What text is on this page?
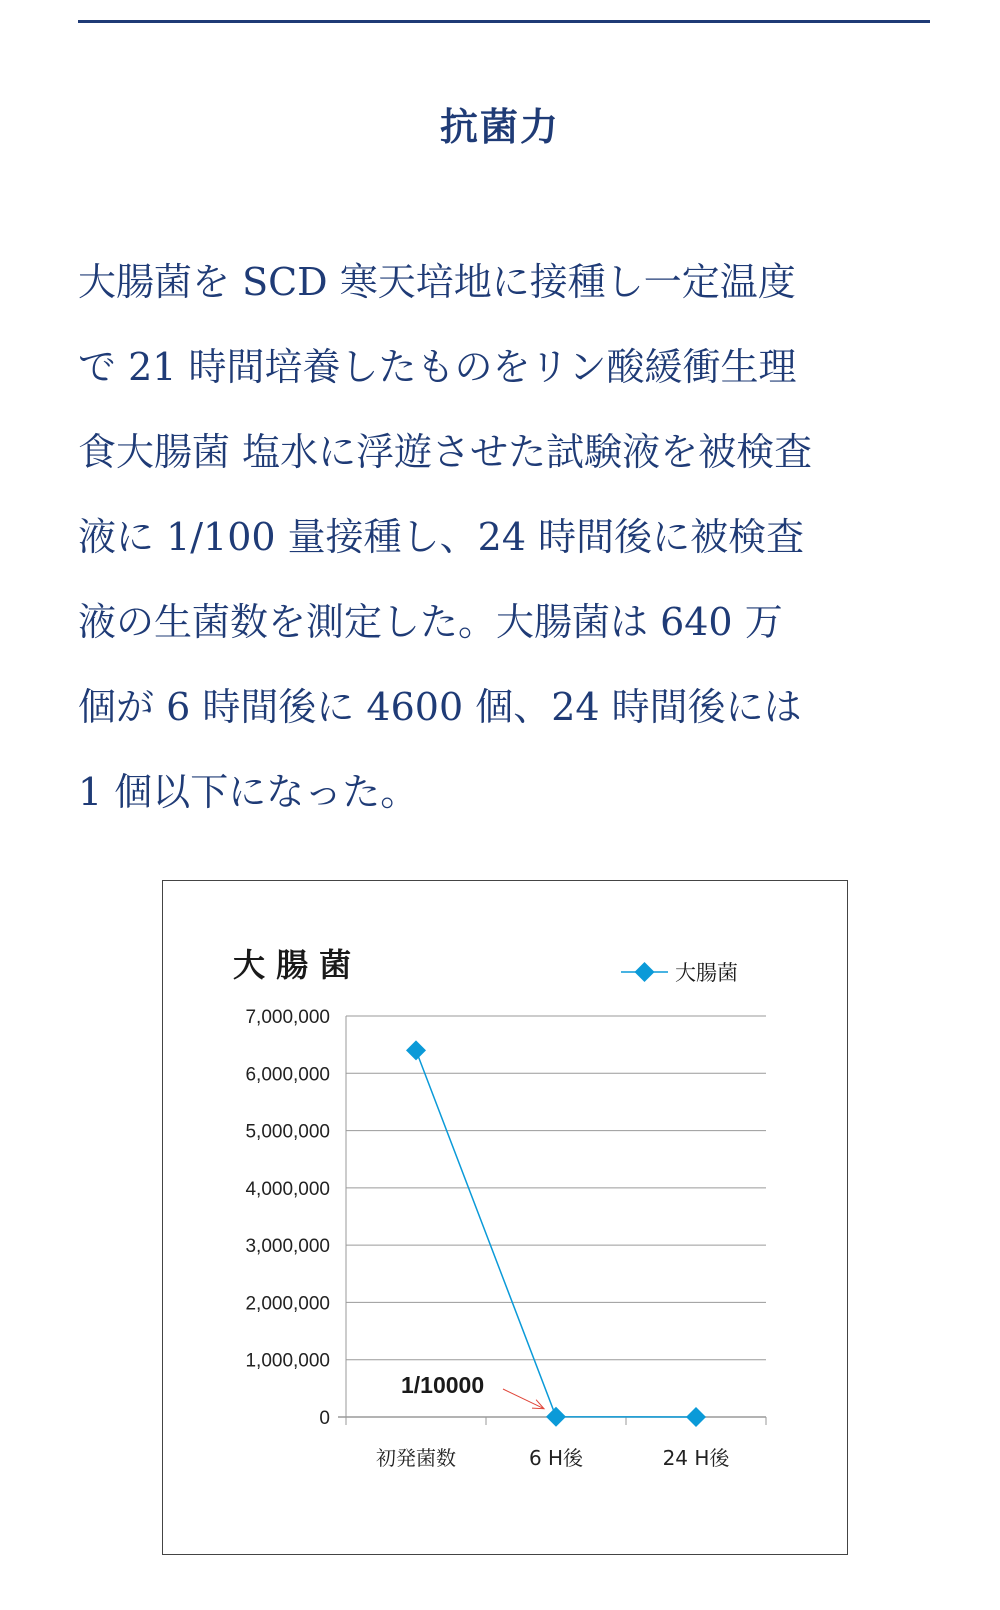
抗菌力
大腸菌を SCD 寒天培地に接種し一定温度
で 21 時間培養したものをリン酸緩衝生理
食大腸菌 塩水に浮遊させた試験液を被検査
液に 1/100 量接種し、24 時間後に被検査
液の生菌数を測定した。大腸菌は 640 万
個が 6 時間後に 4600 個、24 時間後には
1 個以下になった。
0
1,000,000
2,000,000
3,000,000
4,000,000
5,000,000
6,000,000
7,000,000
初発菌数	6 H後	24 H後
大 腸 菌	大腸菌
1/10000
